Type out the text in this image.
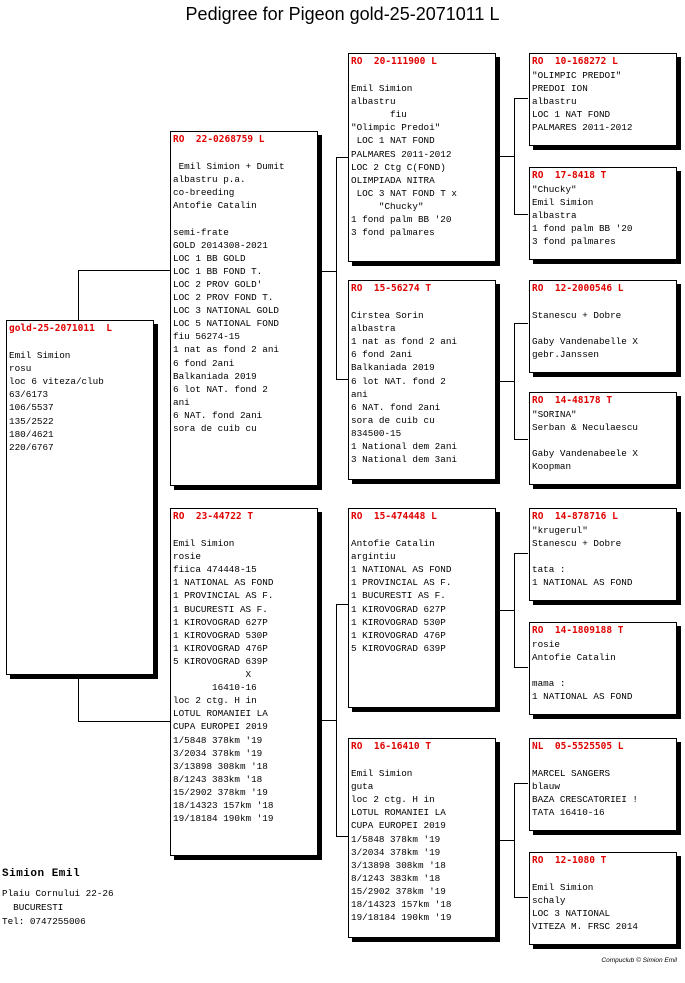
Pedigree for Pigeon gold-25-2071011 L
gold-25-2071011  L

Emil Simion
rosu
loc 6 viteza/club
63/6173
106/5537
135/2522
180/4621
220/6767
RO  22-0268759 L

Emil Simion + Dumit
albastru p.a.
co-breeding
Antofie Catalin

semi-frate
GOLD 2014308-2021
LOC 1 BB GOLD
LOC 1 BB FOND T.
LOC 2 PROV GOLD'
LOC 2 PROV FOND T.
LOC 3 NATIONAL GOLD
LOC 5 NATIONAL FOND
fiu 56274-15
1 nat as fond 2 ani
6 fond 2ani
Balkaniada 2019
6 lot NAT. fond 2
ani
6 NAT. fond 2ani
sora de cuib cu
RO  23-44722 T

Emil Simion
rosie
fiica 474448-15
1 NATIONAL AS FOND
1 PROVINCIAL AS F.
1 BUCURESTI AS F.
1 KIROVOGRAD 627P
1 KIROVOGRAD 530P
1 KIROVOGRAD 476P
5 KIROVOGRAD 639P
X
16410-16
loc 2 ctg. H in
LOTUL ROMANIEI LA
CUPA EUROPEI 2019
1/5848 378km '19
3/2034 378km '19
3/13898 308km '18
8/1243 383km '18
15/2902 378km '19
18/14323 157km '18
19/18184 190km '19
RO  20-111900 L

Emil Simion
albastru
fiu
"Olimpic Predoi"
LOC 1 NAT FOND
PALMARES 2011-2012
LOC 2 Ctg C(FOND)
OLIMPIADA NITRA
LOC 3 NAT FOND T x
"Chucky"
1 fond palm BB '20
3 fond palmares
RO  15-56274 T

Cirstea Sorin
albastra
1 nat as fond 2 ani
6 fond 2ani
Balkaniada 2019
6 lot NAT. fond 2
ani
6 NAT. fond 2ani
sora de cuib cu
834500-15
1 National dem 2ani
3 National dem 3ani
RO  15-474448 L

Antofie Catalin
argintiu
1 NATIONAL AS FOND
1 PROVINCIAL AS F.
1 BUCURESTI AS F.
1 KIROVOGRAD 627P
1 KIROVOGRAD 530P
1 KIROVOGRAD 476P
5 KIROVOGRAD 639P
RO  16-16410 T

Emil Simion
guta
loc 2 ctg. H in
LOTUL ROMANIEI LA
CUPA EUROPEI 2019
1/5848 378km '19
3/2034 378km '19
3/13898 308km '18
8/1243 383km '18
15/2902 378km '19
18/14323 157km '18
19/18184 190km '19
RO  10-168272 L
"OLIMPIC PREDOI"
PREDOI ION
albastru
LOC 1 NAT FOND
PALMARES 2011-2012
RO  17-8418 T
"Chucky"
Emil Simion
albastra
1 fond palm BB '20
3 fond palmares
RO  12-2000546 L

Stanescu + Dobre

Gaby Vandenabelle X
gebr.Janssen
RO  14-48178 T
"SORINA"
Serban & Neculaescu

Gaby Vandenabeele X
Koopman
RO  14-878716 L
"krugerul"
Stanescu + Dobre

tata :
1 NATIONAL AS FOND
RO  14-1809188 T
rosie
Antofie Catalin

mama :
1 NATIONAL AS FOND
NL  05-5525505 L

MARCEL SANGERS
blauw
BAZA CRESCATORIEI !
TATA 16410-16
RO  12-1080 T

Emil Simion
schaly
LOC 3 NATIONAL
VITEZA M. FRSC 2014
Simion Emil
Plaiu Cornului 22-26
BUCURESTI
Tel: 0747255006
Compuclub © Simion Emil
